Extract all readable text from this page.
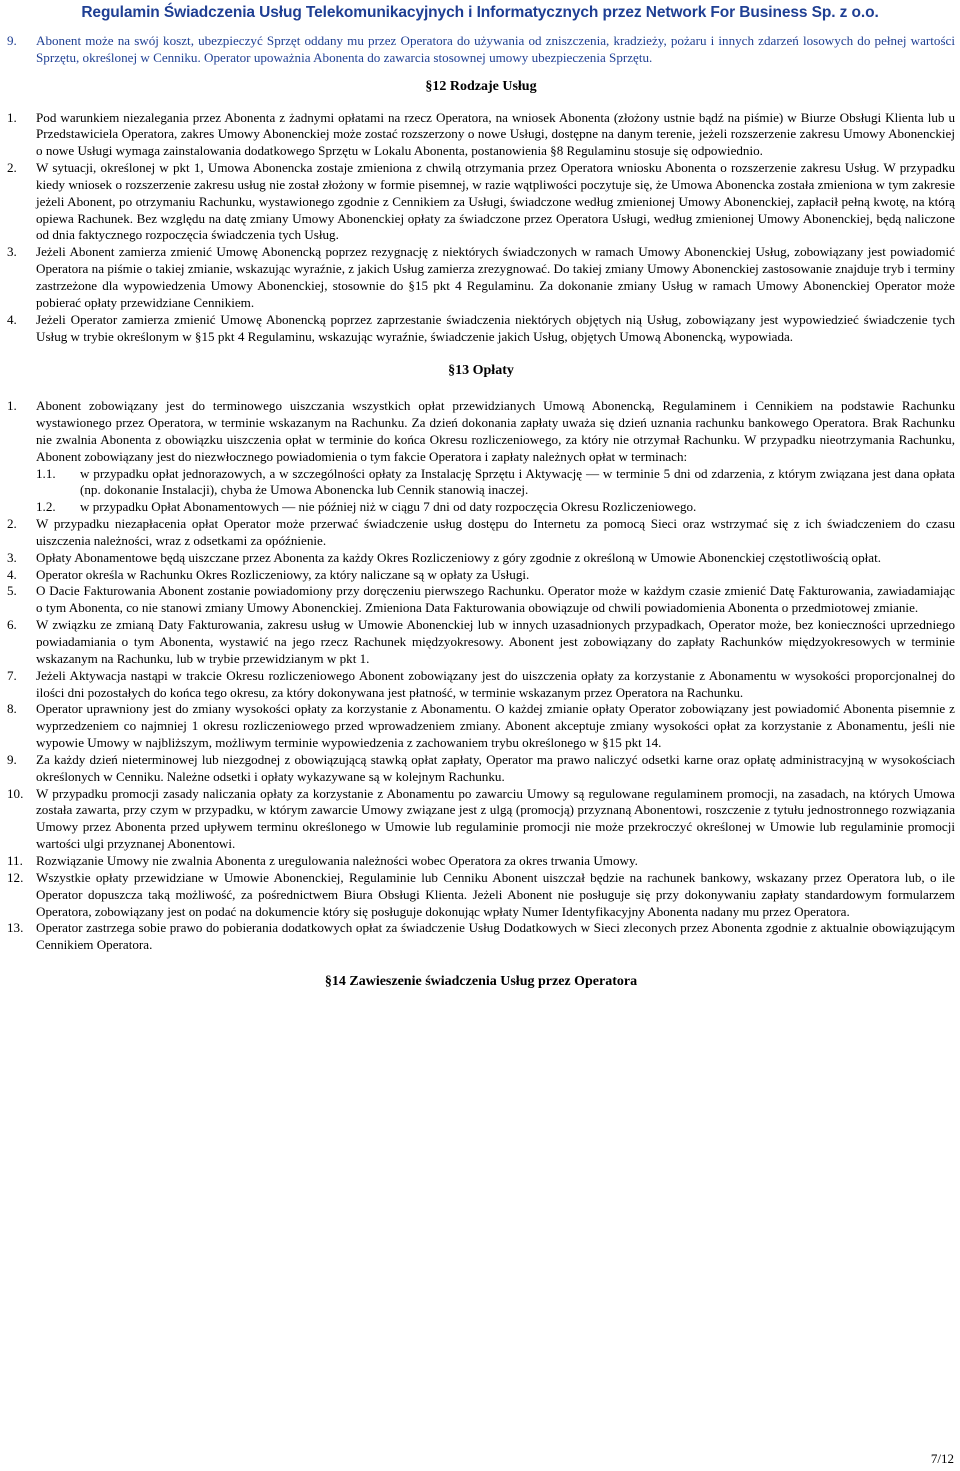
Regulamin Świadczenia Usług Telekomunikacyjnych i Informatycznych przez Network For Business Sp. z o.o.
9.	Abonent może na swój koszt, ubezpieczyć Sprzęt oddany mu przez Operatora do używania od zniszczenia, kradzieży, pożaru i innych zdarzeń losowych do pełnej wartości Sprzętu, określonej w Cenniku. Operator upoważnia Abonenta do zawarcia stosownej umowy ubezpieczenia Sprzętu.
§12 Rodzaje Usług
1.	Pod warunkiem niezalegania przez Abonenta z żadnymi opłatami na rzecz Operatora, na wniosek Abonenta (złożony ustnie bądź na piśmie) w Biurze Obsługi Klienta lub u Przedstawiciela Operatora, zakres Umowy Abonenckiej może zostać rozszerzony o nowe Usługi, dostępne na danym terenie, jeżeli rozszerzenie zakresu Umowy Abonenckiej o nowe Usługi wymaga zainstalowania dodatkowego Sprzętu w Lokalu Abonenta, postanowienia §8 Regulaminu stosuje się odpowiednio.
2.	W sytuacji, określonej w pkt 1, Umowa Abonencka zostaje zmieniona z chwilą otrzymania przez Operatora wniosku Abonenta o rozszerzenie zakresu Usług. W przypadku kiedy wniosek o rozszerzenie zakresu usług nie został złożony w formie pisemnej, w razie wątpliwości poczytuje się, że Umowa Abonencka została zmieniona w tym zakresie jeżeli Abonent, po otrzymaniu Rachunku, wystawionego zgodnie z Cennikiem za Usługi, świadczone według zmienionej Umowy Abonenckiej, zapłacił pełną kwotę, na którą opiewa Rachunek. Bez względu na datę zmiany Umowy Abonenckiej opłaty za świadczone przez Operatora Usługi, według zmienionej Umowy Abonenckiej, będą naliczone od dnia faktycznego rozpoczęcia świadczenia tych Usług.
3.	Jeżeli Abonent zamierza zmienić Umowę Abonencką poprzez rezygnację z niektórych świadczonych w ramach Umowy Abonenckiej Usług, zobowiązany jest powiadomić Operatora na piśmie o takiej zmianie, wskazując wyraźnie, z jakich Usług zamierza zrezygnować. Do takiej zmiany Umowy Abonenckiej zastosowanie znajduje tryb i terminy zastrzeżone dla wypowiedzenia Umowy Abonenckiej, stosownie do §15 pkt 4 Regulaminu. Za dokonanie zmiany Usług w ramach Umowy Abonenckiej Operator może pobierać opłaty przewidziane Cennikiem.
4.	Jeżeli Operator zamierza zmienić Umowę Abonencką poprzez zaprzestanie świadczenia niektórych objętych nią Usług, zobowiązany jest wypowiedzieć świadczenie tych Usług w trybie określonym w §15 pkt 4 Regulaminu, wskazując wyraźnie, świadczenie jakich Usług, objętych Umową Abonencką, wypowiada.
§13 Opłaty
1.	Abonent zobowiązany jest do terminowego uiszczania wszystkich opłat przewidzianych Umową Abonencką, Regulaminem i Cennikiem na podstawie Rachunku wystawionego przez Operatora, w terminie wskazanym na Rachunku. Za dzień dokonania zapłaty uważa się dzień uznania rachunku bankowego Operatora. Brak Rachunku nie zwalnia Abonenta z obowiązku uiszczenia opłat w terminie do końca Okresu rozliczeniowego, za który nie otrzymał Rachunku. W przypadku nieotrzymania Rachunku, Abonent zobowiązany jest do niezwłocznego powiadomienia o tym fakcie Operatora i zapłaty należnych opłat w terminach:
1.1.	w przypadku opłat jednorazowych, a w szczególności opłaty za Instalację Sprzętu i Aktywację — w terminie 5 dni od zdarzenia, z którym związana jest dana opłata (np. dokonanie Instalacji), chyba że Umowa Abonencka lub Cennik stanowią inaczej.
1.2.	w przypadku Opłat Abonamentowych — nie później niż w ciągu 7 dni od daty rozpoczęcia Okresu Rozliczeniowego.
2.	W przypadku niezapłacenia opłat Operator może przerwać świadczenie usług dostępu do Internetu za pomocą Sieci oraz wstrzymać się z ich świadczeniem do czasu uiszczenia należności, wraz z odsetkami za opóźnienie.
3.	Opłaty Abonamentowe będą uiszczane przez Abonenta za każdy Okres Rozliczeniowy z góry zgodnie z określoną w Umowie Abonenckiej częstotliwością opłat.
4.	Operator określa w Rachunku Okres Rozliczeniowy, za który naliczane są w opłaty za Usługi.
5.	O Dacie Fakturowania Abonent zostanie powiadomiony przy doręczeniu pierwszego Rachunku. Operator może w każdym czasie zmienić Datę Fakturowania, zawiadamiając o tym Abonenta, co nie stanowi zmiany Umowy Abonenckiej. Zmieniona Data Fakturowania obowiązuje od chwili powiadomienia Abonenta o przedmiotowej zmianie.
6.	W związku ze zmianą Daty Fakturowania, zakresu usług w Umowie Abonenckiej lub w innych uzasadnionych przypadkach, Operator może, bez konieczności uprzedniego powiadamiania o tym Abonenta, wystawić na jego rzecz Rachunek międzyokresowy. Abonent jest zobowiązany do zapłaty Rachunków międzyokresowych w terminie wskazanym na Rachunku, lub w trybie przewidzianym w pkt 1.
7.	Jeżeli Aktywacja nastąpi w trakcie Okresu rozliczeniowego Abonent zobowiązany jest do uiszczenia opłaty za korzystanie z Abonamentu w wysokości proporcjonalnej do ilości dni pozostałych do końca tego okresu, za który dokonywana jest płatność, w terminie wskazanym przez Operatora na Rachunku.
8.	Operator uprawniony jest do zmiany wysokości opłaty za korzystanie z Abonamentu. O każdej zmianie opłaty Operator zobowiązany jest powiadomić Abonenta pisemnie z wyprzedzeniem co najmniej 1 okresu rozliczeniowego przed wprowadzeniem zmiany. Abonent akceptuje zmiany wysokości opłat za korzystanie z Abonamentu, jeśli nie wypowie Umowy w najbliższym, możliwym terminie wypowiedzenia z zachowaniem trybu określonego w §15 pkt 14.
9.	Za każdy dzień nieterminowej lub niezgodnej z obowiązującą stawką opłat zapłaty, Operator ma prawo naliczyć odsetki karne oraz opłatę administracyjną w wysokościach określonych w Cenniku. Należne odsetki i opłaty wykazywane są w kolejnym Rachunku.
10. W przypadku promocji zasady naliczania opłaty za korzystanie z Abonamentu po zawarciu Umowy są regulowane regulaminem promocji, na zasadach, na których Umowa została zawarta, przy czym w przypadku, w którym zawarcie Umowy związane jest z ulgą (promocją) przyznaną Abonentowi, roszczenie z tytułu jednostronnego rozwiązania Umowy przez Abonenta przed upływem terminu określonego w Umowie lub regulaminie promocji nie może przekroczyć określonej w Umowie lub regulaminie promocji wartości ulgi przyznanej Abonentowi.
11.	Rozwiązanie Umowy nie zwalnia Abonenta z uregulowania należności wobec Operatora za okres trwania Umowy.
12. Wszystkie opłaty przewidziane w Umowie Abonenckiej, Regulaminie lub Cenniku Abonent uiszczał będzie na rachunek bankowy, wskazany przez Operatora lub, o ile Operator dopuszcza taką możliwość, za pośrednictwem Biura Obsługi Klienta. Jeżeli Abonent nie posługuje się przy dokonywaniu zapłaty standardowym formularzem Operatora, zobowiązany jest on podać na dokumencie który się posługuje dokonując wpłaty Numer Identyfikacyjny Abonenta nadany mu przez Operatora.
13. Operator zastrzega sobie prawo do pobierania dodatkowych opłat za świadczenie Usług Dodatkowych w Sieci zleconych przez Abonenta zgodnie z aktualnie obowiązującym Cennikiem Operatora.
§14 Zawieszenie świadczenia Usług przez Operatora
7/12
